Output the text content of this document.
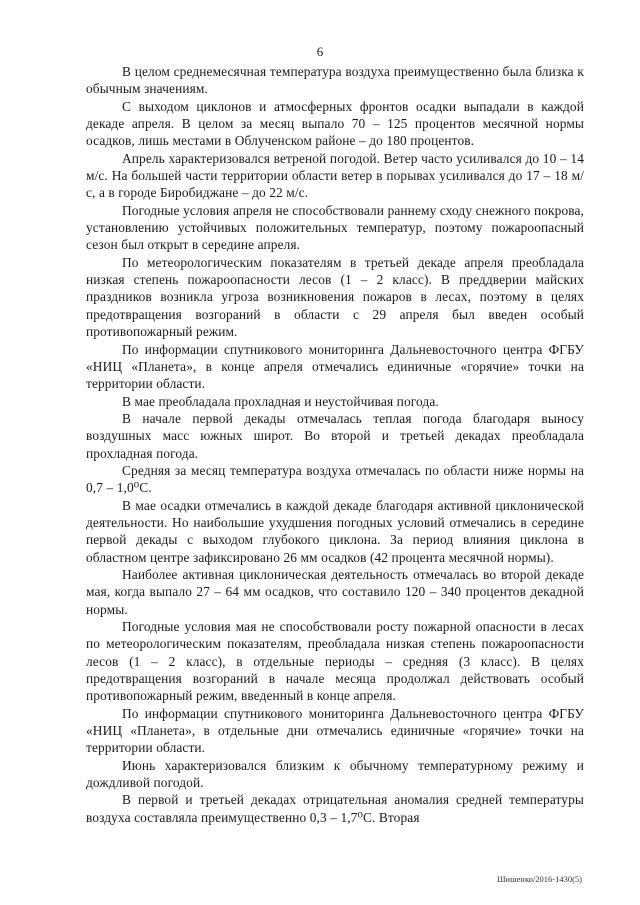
6

В целом среднемесячная температура воздуха преимущественно была близка к обычным значениям.

С выходом циклонов и атмосферных фронтов осадки выпадали в каждой декаде апреля. В целом за месяц выпало 70 – 125 процентов месячной нормы осадков, лишь местами в Облученском районе – до 180 процентов.

Апрель характеризовался ветреной погодой. Ветер часто усиливался до 10 – 14 м/с. На большей части территории области ветер в порывах усиливался до 17 – 18 м/с, а в городе Биробиджане – до 22 м/с.

Погодные условия апреля не способствовали раннему сходу снежного покрова, установлению устойчивых положительных температур, поэтому пожароопасный сезон был открыт в середине апреля.

По метеорологическим показателям в третьей декаде апреля преобладала низкая степень пожароопасности лесов (1 – 2 класс). В преддверии майских праздников возникла угроза возникновения пожаров в лесах, поэтому в целях предотвращения возгораний в области с 29 апреля был введен особый противопожарный режим.

По информации спутникового мониторинга Дальневосточного центра ФГБУ «НИЦ «Планета», в конце апреля отмечались единичные «горячие» точки на территории области.

В мае преобладала прохладная и неустойчивая погода.

В начале первой декады отмечалась теплая погода благодаря выносу воздушных масс южных широт. Во второй и третьей декадах преобладала прохладная погода.

Средняя за месяц температура воздуха отмечалась по области ниже нормы на 0,7 – 1,0⁰С.

В мае осадки отмечались в каждой декаде благодаря активной циклонической деятельности. Но наибольшие ухудшения погодных условий отмечались в середине первой декады с выходом глубокого циклона. За период влияния циклона в областном центре зафиксировано 26 мм осадков (42 процента месячной нормы).

Наиболее активная циклоническая деятельность отмечалась во второй декаде мая, когда выпало 27 – 64 мм осадков, что составило 120 – 340 процентов декадной нормы.

Погодные условия мая не способствовали росту пожарной опасности в лесах по метеорологическим показателям, преобладала низкая степень пожароопасности лесов (1 – 2 класс), в отдельные периоды – средняя (3 класс). В целях предотвращения возгораний в начале месяца продолжал действовать особый противопожарный режим, введенный в конце апреля.

По информации спутникового мониторинга Дальневосточного центра ФГБУ «НИЦ «Планета», в отдельные дни отмечались единичные «горячие» точки на территории области.

Июнь характеризовался близким к обычному температурному режиму и дождливой погодой.

В первой и третьей декадах отрицательная аномалия средней температуры воздуха составляла преимущественно 0,3 – 1,7⁰С. Вторая

Шишенко/2016-1430(5)
